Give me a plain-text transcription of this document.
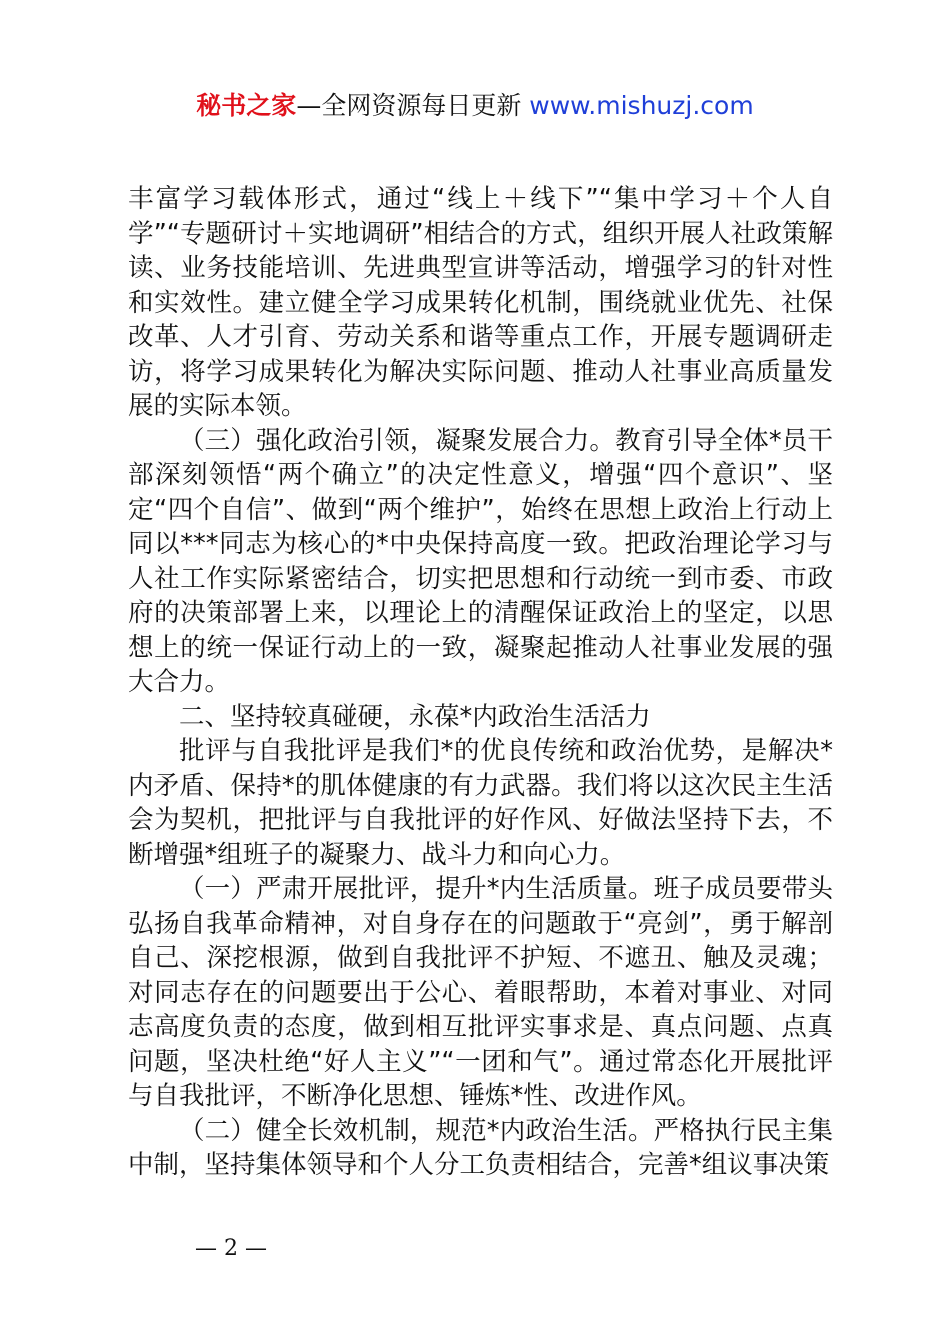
秘书之家—全网资源每日更新 www.mishuzj.com

丰富学习载体形式，通过“线上＋线下”“集中学习＋个人自学”“专题研讨＋实地调研”相结合的方式，组织开展人社政策解读、业务技能培训、先进典型宣讲等活动，增强学习的针对性和实效性。建立健全学习成果转化机制，围绕就业优先、社保改革、人才引育、劳动关系和谐等重点工作，开展专题调研走访，将学习成果转化为解决实际问题、推动人社事业高质量发展的实际本领。

（三）强化政治引领，凝聚发展合力。教育引导全体*员干部深刻领悟“两个确立”的决定性意义，增强“四个意识”、坚定“四个自信”、做到“两个维护”，始终在思想上政治上行动上同以***同志为核心的*中央保持高度一致。把政治理论学习与人社工作实际紧密结合，切实把思想和行动统一到市委、市政府的决策部署上来，以理论上的清醒保证政治上的坚定，以思想上的统一保证行动上的一致，凝聚起推动人社事业发展的强大合力。

二、坚持较真碰硬，永葆*内政治生活活力

批评与自我批评是我们*的优良传统和政治优势，是解决*内矛盾、保持*的肌体健康的有力武器。我们将以这次民主生活会为契机，把批评与自我批评的好作风、好做法坚持下去，不断增强*组班子的凝聚力、战斗力和向心力。

（一）严肃开展批评，提升*内生活质量。班子成员要带头弘扬自我革命精神，对自身存在的问题敢于“亮剑”，勇于解剖自己、深挖根源，做到自我批评不护短、不遮丑、触及灵魂；对同志存在的问题要出于公心、着眼帮助，本着对事业、对同志高度负责的态度，做到相互批评实事求是、真点问题、点真问题，坚决杜绝“好人主义”“一团和气”。通过常态化开展批评与自我批评，不断净化思想、锤炼*性、改进作风。

（二）健全长效机制，规范*内政治生活。严格执行民主集中制，坚持集体领导和个人分工负责相结合，完善*组议事决策

— 2 —
